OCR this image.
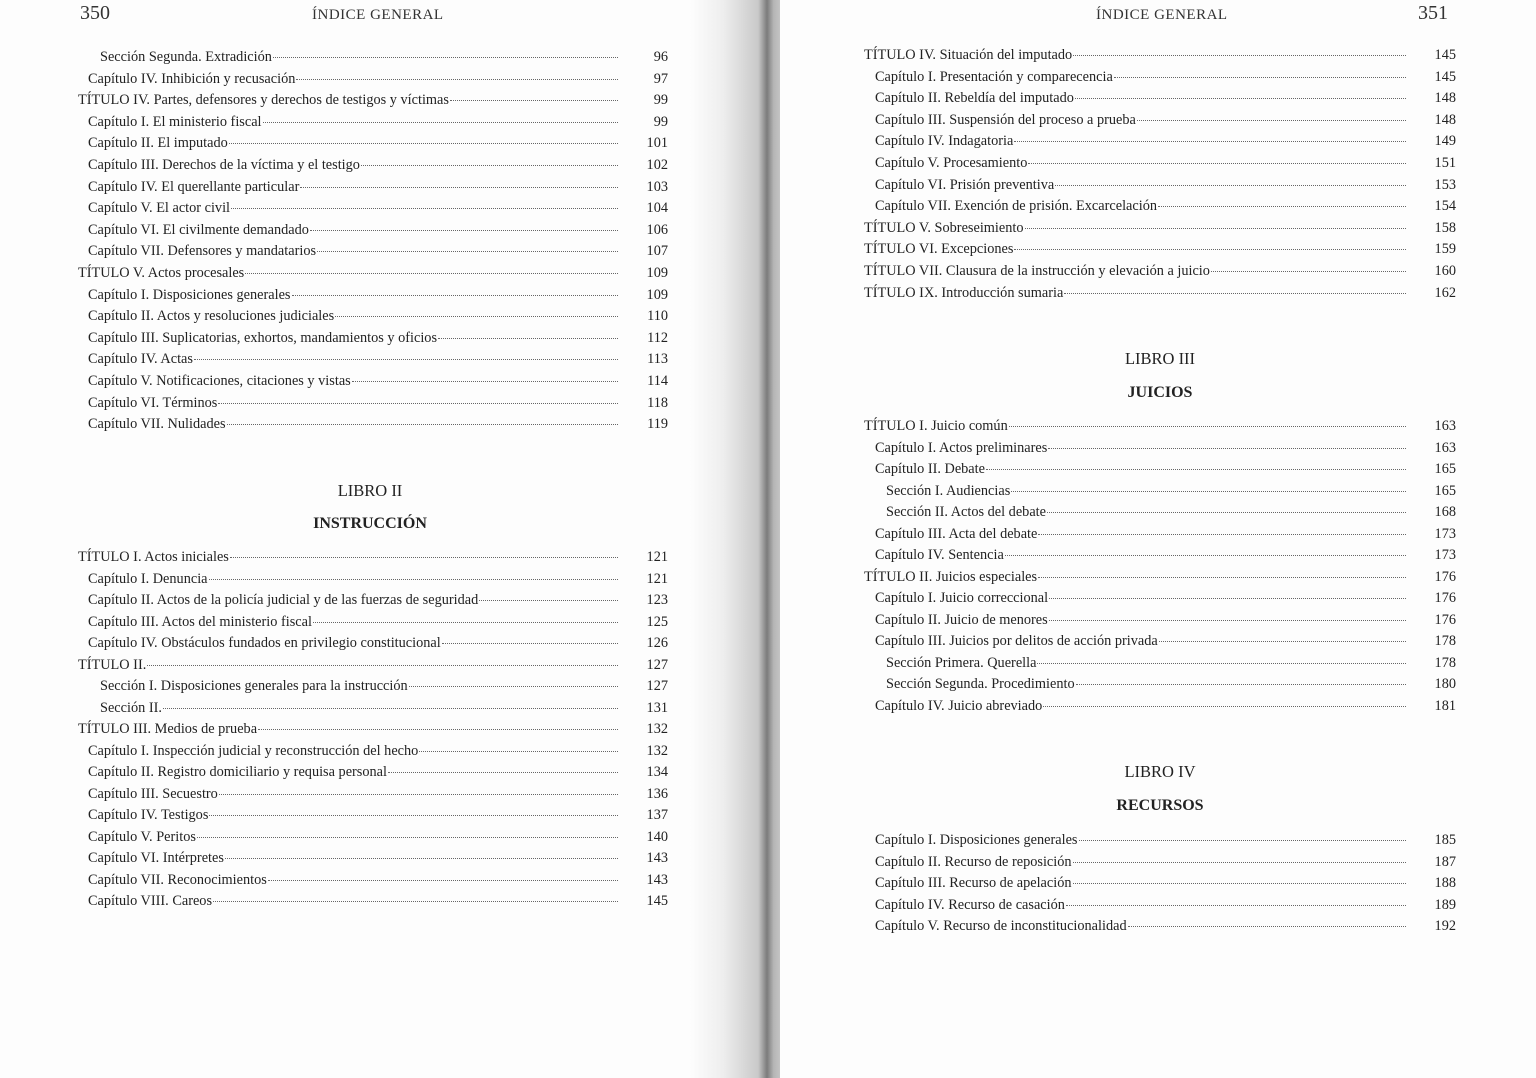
350	ÍNDICE GENERAL
Sección Segunda. Extradición	96
Capítulo IV. Inhibición y recusación	97
TÍTULO IV. Partes, defensores y derechos de testigos y víctimas	99
Capítulo I. El ministerio fiscal	99
Capítulo II. El imputado	101
Capítulo III. Derechos de la víctima y el testigo	102
Capítulo IV. El querellante particular	103
Capítulo V. El actor civil	104
Capítulo VI. El civilmente demandado	106
Capítulo VII. Defensores y mandatarios	107
TÍTULO V. Actos procesales	109
Capítulo I. Disposiciones generales	109
Capítulo II. Actos y resoluciones judiciales	110
Capítulo III. Suplicatorias, exhortos, mandamientos y oficios	112
Capítulo IV. Actas	113
Capítulo V. Notificaciones, citaciones y vistas	114
Capítulo VI. Términos	118
Capítulo VII. Nulidades	119
LIBRO II
INSTRUCCIÓN
TÍTULO I. Actos iniciales	121
Capítulo I. Denuncia	121
Capítulo II. Actos de la policía judicial y de las fuerzas de seguridad	123
Capítulo III. Actos del ministerio fiscal	125
Capítulo IV. Obstáculos fundados en privilegio constitucional	126
TÍTULO II.	127
Sección I. Disposiciones generales para la instrucción	127
Sección II.	131
TÍTULO III. Medios de prueba	132
Capítulo I. Inspección judicial y reconstrucción del hecho	132
Capítulo II. Registro domiciliario y requisa personal	134
Capítulo III. Secuestro	136
Capítulo IV. Testigos	137
Capítulo V. Peritos	140
Capítulo VI. Intérpretes	143
Capítulo VII. Reconocimientos	143
Capítulo VIII. Careos	145
351
ÍNDICE GENERAL
TÍTULO IV. Situación del imputado	145
Capítulo I. Presentación y comparecencia	145
Capítulo II. Rebeldía del imputado	148
Capítulo III. Suspensión del proceso a prueba	148
Capítulo IV. Indagatoria	149
Capítulo V. Procesamiento	151
Capítulo VI. Prisión preventiva	153
Capítulo VII. Exención de prisión. Excarcelación	154
TÍTULO V. Sobreseimiento	158
TÍTULO VI. Excepciones	159
TÍTULO VII. Clausura de la instrucción y elevación a juicio	160
TÍTULO IX. Introducción sumaria	162
LIBRO III
JUICIOS
TÍTULO I. Juicio común	163
Capítulo I. Actos preliminares	163
Capítulo II. Debate	165
Sección I. Audiencias	165
Sección II. Actos del debate	168
Capítulo III. Acta del debate	173
Capítulo IV. Sentencia	173
TÍTULO II. Juicios especiales	176
Capítulo I. Juicio correccional	176
Capítulo II. Juicio de menores	176
Capítulo III. Juicios por delitos de acción privada	178
Sección Primera. Querella	178
Sección Segunda. Procedimiento	180
Capítulo IV. Juicio abreviado	181
LIBRO IV
RECURSOS
Capítulo I. Disposiciones generales	185
Capítulo II. Recurso de reposición	187
Capítulo III. Recurso de apelación	188
Capítulo IV. Recurso de casación	189
Capítulo V. Recurso de inconstitucionalidad	192
